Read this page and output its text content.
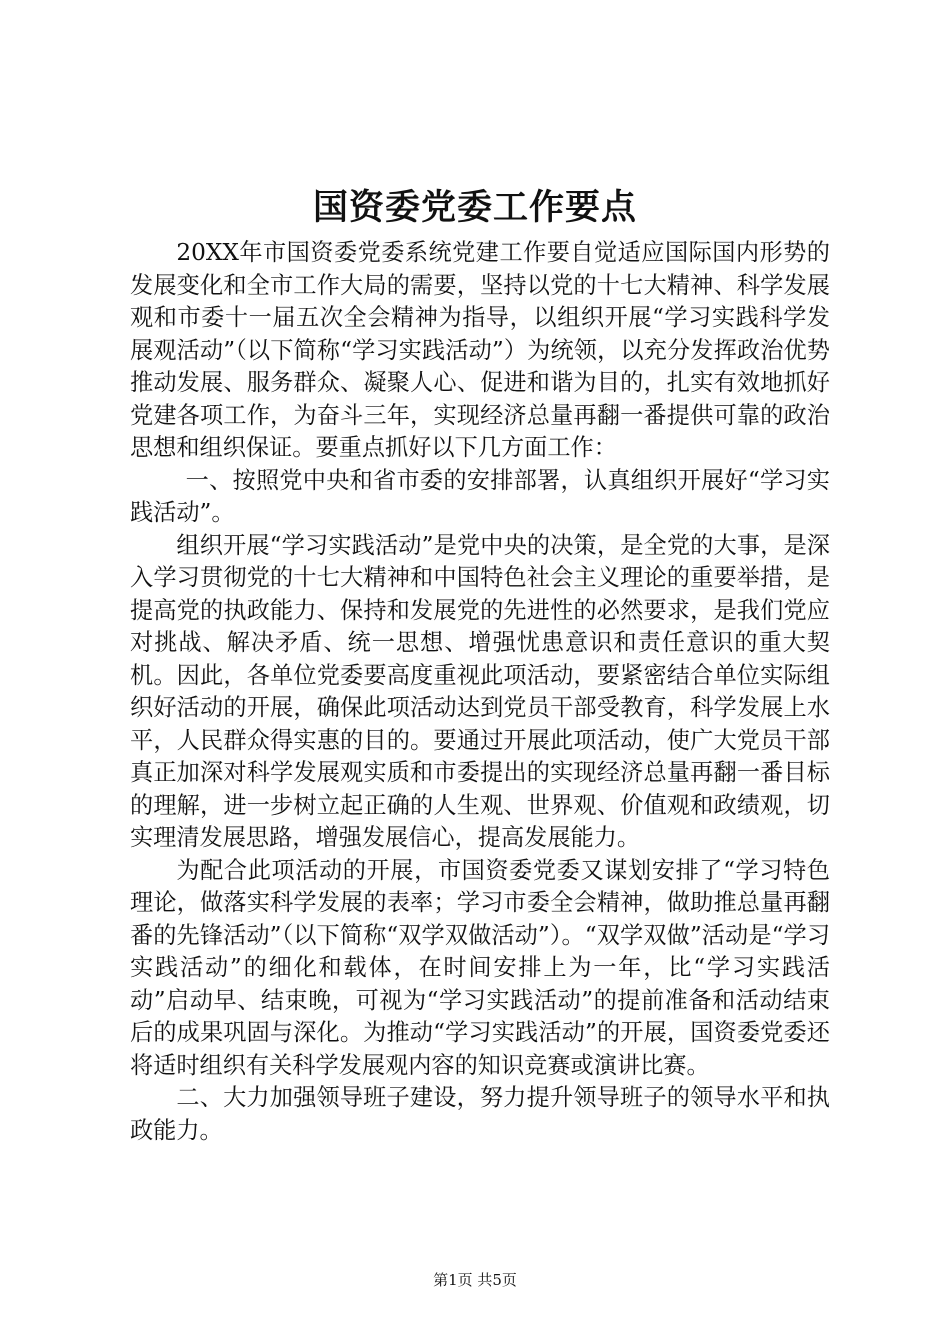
国资委党委工作要点

20XX年市国资委党委系统党建工作要自觉适应国际国内形势的发展变化和全市工作大局的需要，坚持以党的十七大精神、科学发展观和市委十一届五次全会精神为指导，以组织开展“学习实践科学发展观活动”（以下简称“学习实践活动”）为统领，以充分发挥政治优势推动发展、服务群众、凝聚人心、促进和谐为目的，扎实有效地抓好党建各项工作，为奋斗三年，实现经济总量再翻一番提供可靠的政治思想和组织保证。要重点抓好以下几方面工作：

一、按照党中央和省市委的安排部署，认真组织开展好“学习实践活动”。

组织开展“学习实践活动”是党中央的决策，是全党的大事，是深入学习贯彻党的十七大精神和中国特色社会主义理论的重要举措，是提高党的执政能力、保持和发展党的先进性的必然要求，是我们党应对挑战、解决矛盾、统一思想、增强忧患意识和责任意识的重大契机。因此，各单位党委要高度重视此项活动，要紧密结合单位实际组织好活动的开展，确保此项活动达到党员干部受教育，科学发展上水平，人民群众得实惠的目的。要通过开展此项活动，使广大党员干部真正加深对科学发展观实质和市委提出的实现经济总量再翻一番目标的理解，进一步树立起正确的人生观、世界观、价值观和政绩观，切实理清发展思路，增强发展信心，提高发展能力。

为配合此项活动的开展，市国资委党委又谋划安排了“学习特色理论，做落实科学发展的表率；学习市委全会精神，做助推总量再翻番的先锋活动”（以下简称“双学双做活动”）。“双学双做”活动是“学习实践活动”的细化和载体，在时间安排上为一年，比“学习实践活动”启动早、结束晚，可视为“学习实践活动”的提前准备和活动结束后的成果巩固与深化。为推动“学习实践活动”的开展，国资委党委还将适时组织有关科学发展观内容的知识竞赛或演讲比赛。

二、大力加强领导班子建设，努力提升领导班子的领导水平和执政能力。

第1页 共5页
